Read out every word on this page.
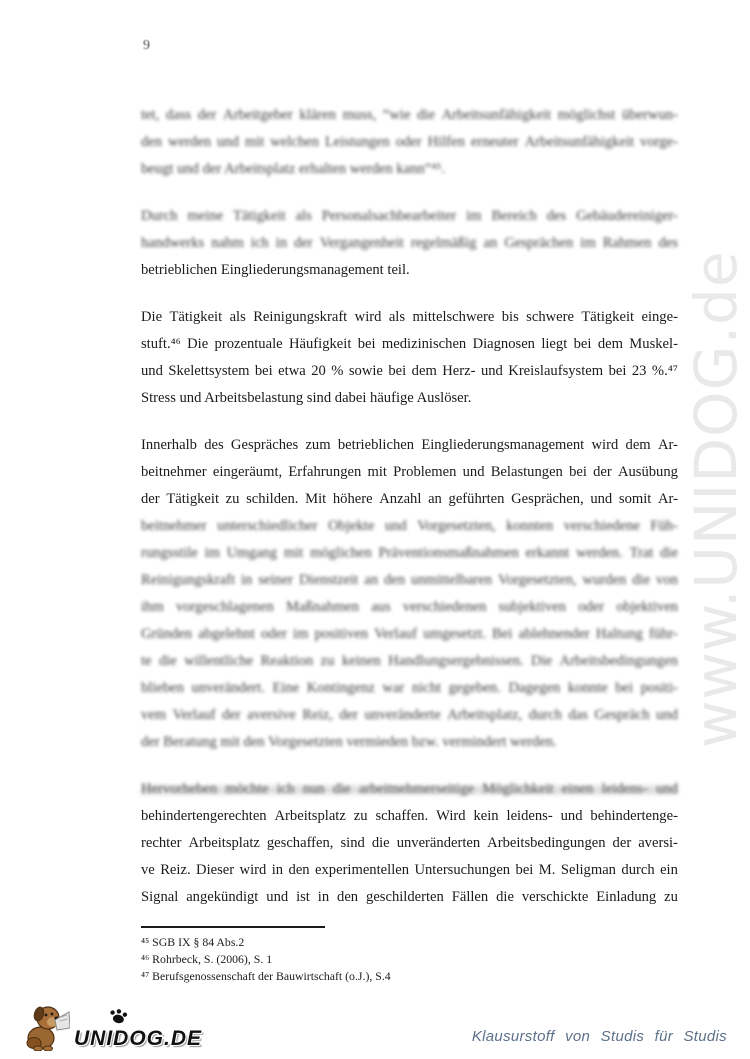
9
www.UNIDOG.de
tet, dass der Arbeitgeber klären muss, “wie die Arbeitsunfähigkeit möglichst überwun-
den werden und mit welchen Leistungen oder Hilfen erneuter Arbeitsunfähigkeit vorge-
beugt und der Arbeitsplatz erhalten werden kann”⁴⁵.
Durch meine Tätigkeit als Personalsachbearbeiter im Bereich des Gebäudereiniger-
handwerks nahm ich in der Vergangenheit regelmäßig an Gesprächen im Rahmen des
betrieblichen Eingliederungsmanagement teil.
Die Tätigkeit als Reinigungskraft wird als mittelschwere bis schwere Tätigkeit einge-
stuft.⁴⁶ Die prozentuale Häufigkeit bei medizinischen Diagnosen liegt bei dem Muskel-
und Skelettsystem bei etwa 20 % sowie bei dem Herz- und Kreislaufsystem bei 23 %.⁴⁷
Stress und Arbeitsbelastung sind dabei häufige Auslöser.
Innerhalb des Gespräches zum betrieblichen Eingliederungsmanagement wird dem Ar-
beitnehmer eingeräumt, Erfahrungen mit Problemen und Belastungen bei der Ausübung
der Tätigkeit zu schilden. Mit höhere Anzahl an geführten Gesprächen, und somit Ar-
beitnehmer unterschiedlicher Objekte und Vorgesetzten, konnten verschiedene Füh-
rungsstile im Umgang mit möglichen Präventionsmaßnahmen erkannt werden. Trat die
Reinigungskraft in seiner Dienstzeit an den unmittelbaren Vorgesetzten, wurden die von
ihm vorgeschlagenen Maßnahmen aus verschiedenen subjektiven oder objektiven
Gründen abgelehnt oder im positiven Verlauf umgesetzt. Bei ablehnender Haltung führ-
te die willentliche Reaktion zu keinen Handlungsergebnissen. Die Arbeitsbedingungen
blieben unverändert. Eine Kontingenz war nicht gegeben. Dagegen konnte bei positi-
vem Verlauf der aversive Reiz, der unveränderte Arbeitsplatz, durch das Gespräch und
der Beratung mit den Vorgesetzten vermieden bzw. vermindert werden.
Hervorheben möchte ich nun die arbeitnehmerseitige Möglichkeit einen leidens- und
behindertengerechten Arbeitsplatz zu schaffen. Wird kein leidens- und behindertenge-
rechter Arbeitsplatz geschaffen, sind die unveränderten Arbeitsbedingungen der aversi-
ve Reiz. Dieser wird in den experimentellen Untersuchungen bei M. Seligman durch ein
Signal angekündigt und ist in den geschilderten Fällen die verschickte Einladung zu
⁴⁵ SGB IX § 84 Abs.2
⁴⁶ Rohrbeck, S. (2006), S. 1
⁴⁷ Berufsgenossenschaft der Bauwirtschaft (o.J.), S.4
UNIDOG.DE	Klausurstoff von Studis für Studis
